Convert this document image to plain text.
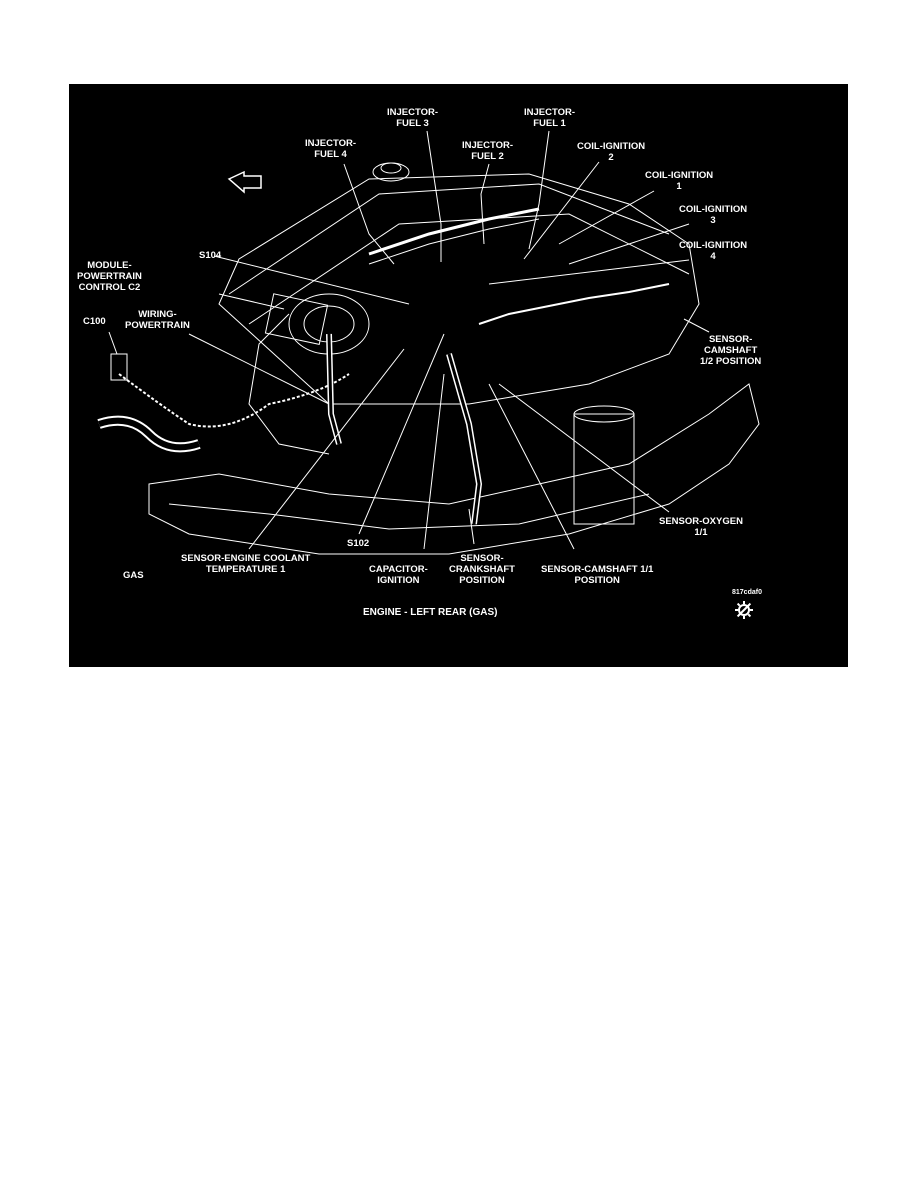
INJECTOR-
FUEL 3
INJECTOR-
FUEL 1
INJECTOR-
FUEL 4
INJECTOR-
FUEL 2
COIL-IGNITION
2
COIL-IGNITION
1
COIL-IGNITION
3
COIL-IGNITION
4
S104
MODULE-
POWERTRAIN
CONTROL C2
WIRING-
POWERTRAIN
C100
SENSOR-
CAMSHAFT
1/2 POSITION
SENSOR-OXYGEN
1/1
S102
SENSOR-ENGINE COOLANT
TEMPERATURE 1	CAPACITOR-
IGNITION
SENSOR-
CRANKSHAFT
POSITION
SENSOR-CAMSHAFT 1/1
POSITION
GAS
817cdaf0
ENGINE - LEFT REAR (GAS)
